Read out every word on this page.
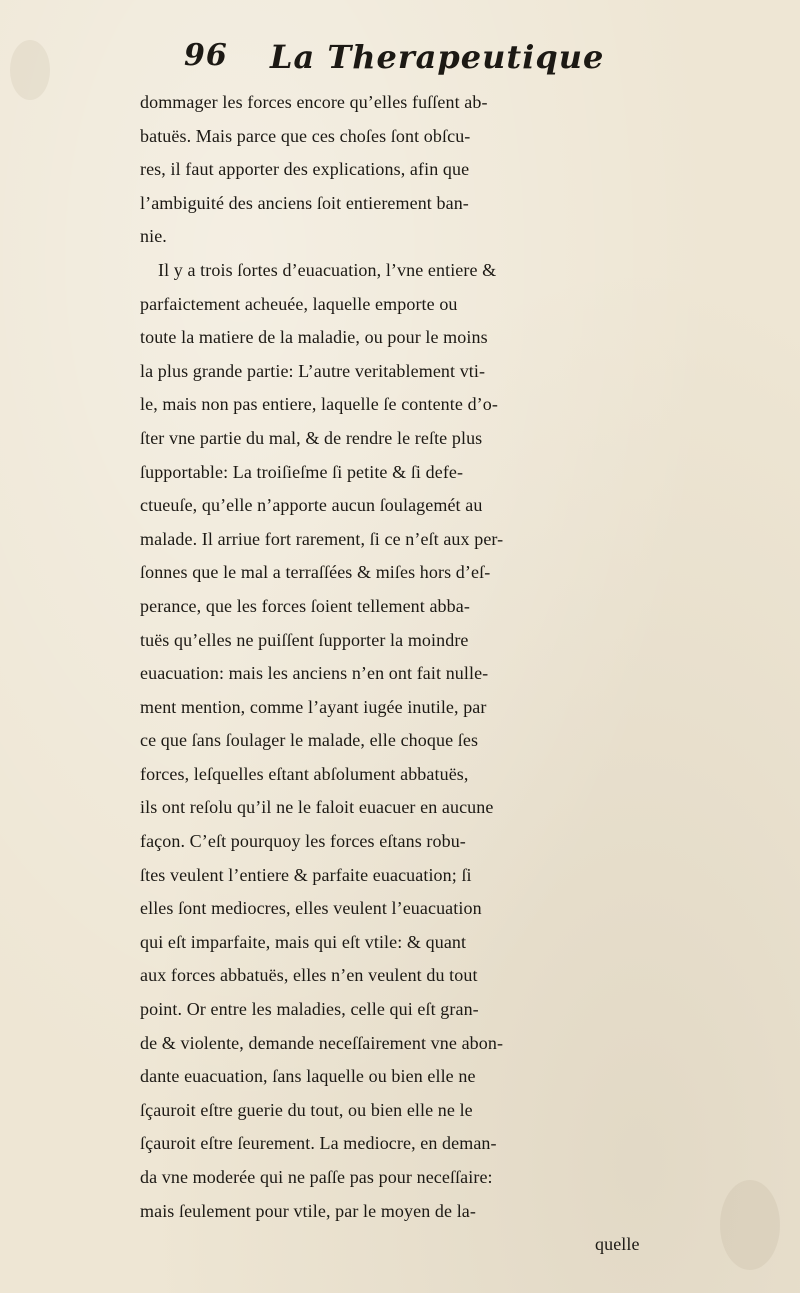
96 La Therapeutique
dommager les forces encore qu’elles fuſſent ab-
batuës. Mais parce que ces choſes ſont obſcu-
res, il faut apporter des explications, afin que
l’ambiguité des anciens ſoit entierement ban-
nie.
Il y a trois ſortes d’euacuation, l’vne entiere &
parfaictement acheuée, laquelle emporte ou
toute la matiere de la maladie, ou pour le moins
la plus grande partie: L’autre veritablement vti-
le, mais non pas entiere, laquelle ſe contente d’o-
ſter vne partie du mal, & de rendre le reſte plus
ſupportable: La troiſieſme ſi petite & ſi defe-
ctueuſe, qu’elle n’apporte aucun ſoulagemét au
malade. Il arriue fort rarement, ſi ce n’eſt aux per-
ſonnes que le mal a terraſſées & miſes hors d’eſ-
perance, que les forces ſoient tellement abba-
tuës qu’elles ne puiſſent ſupporter la moindre
euacuation: mais les anciens n’en ont fait nulle-
ment mention, comme l’ayant iugée inutile, par
ce que ſans ſoulager le malade, elle choque ſes
forces, leſquelles eſtant abſolument abbatuës,
ils ont reſolu qu’il ne le faloit euacuer en aucune
façon. C’eſt pourquoy les forces eſtans robu-
ſtes veulent l’entiere & parfaite euacuation; ſi
elles ſont mediocres, elles veulent l’euacuation
qui eſt imparfaite, mais qui eſt vtile: & quant
aux forces abbatuës, elles n’en veulent du tout
point. Or entre les maladies, celle qui eſt gran-
de & violente, demande neceſſairement vne abon-
dante euacuation, ſans laquelle ou bien elle ne
ſçauroit eſtre guerie du tout, ou bien elle ne le
ſçauroit eſtre ſeurement. La mediocre, en deman-
da vne moderée qui ne paſſe pas pour neceſſaire:
mais ſeulement pour vtile, par le moyen de la-
quelle
